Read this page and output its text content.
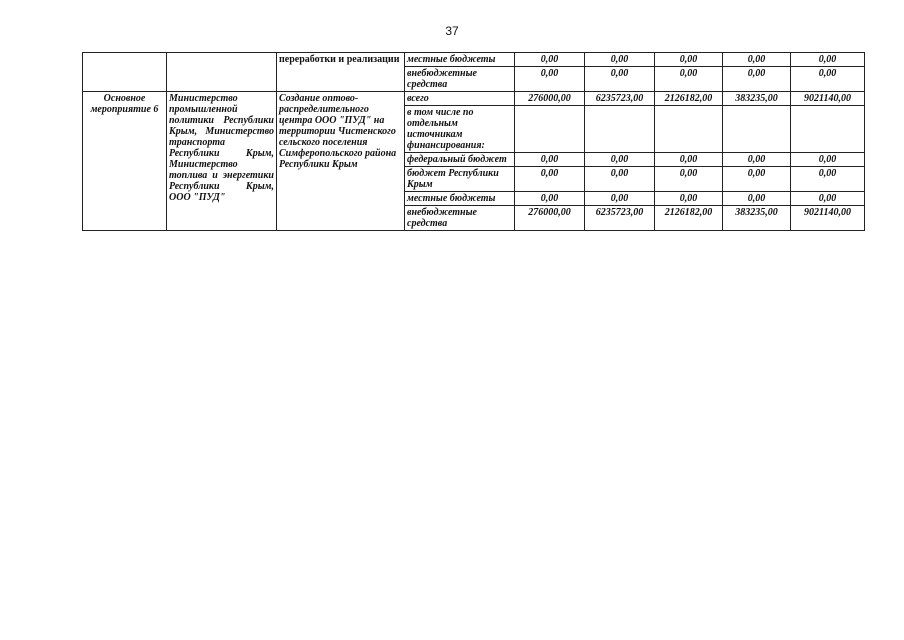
37
		переработки и реализации	местные бюджеты	0,00	0,00	0,00	0,00	0,00
			внебюджетные средства	0,00	0,00	0,00	0,00	0,00
Основное мероприятие 6	Министерство промышленной политики Республики Крым, Министерство транспорта Республики Крым, Министерство топлива и энергетики Республики Крым, ООО "ПУД"	Создание оптово-распределительного центра ООО "ПУД" на территории Чистенского сельского поселения Симферопольского района Республики Крым	всего	276000,00	6235723,00	2126182,00	383235,00	9021140,00
			в том числе по отдельным источникам финансирования:					
			федеральный бюджет	0,00	0,00	0,00	0,00	0,00
			бюджет Республики Крым	0,00	0,00	0,00	0,00	0,00
			местные бюджеты	0,00	0,00	0,00	0,00	0,00
			внебюджетные средства	276000,00	6235723,00	2126182,00	383235,00	9021140,00
